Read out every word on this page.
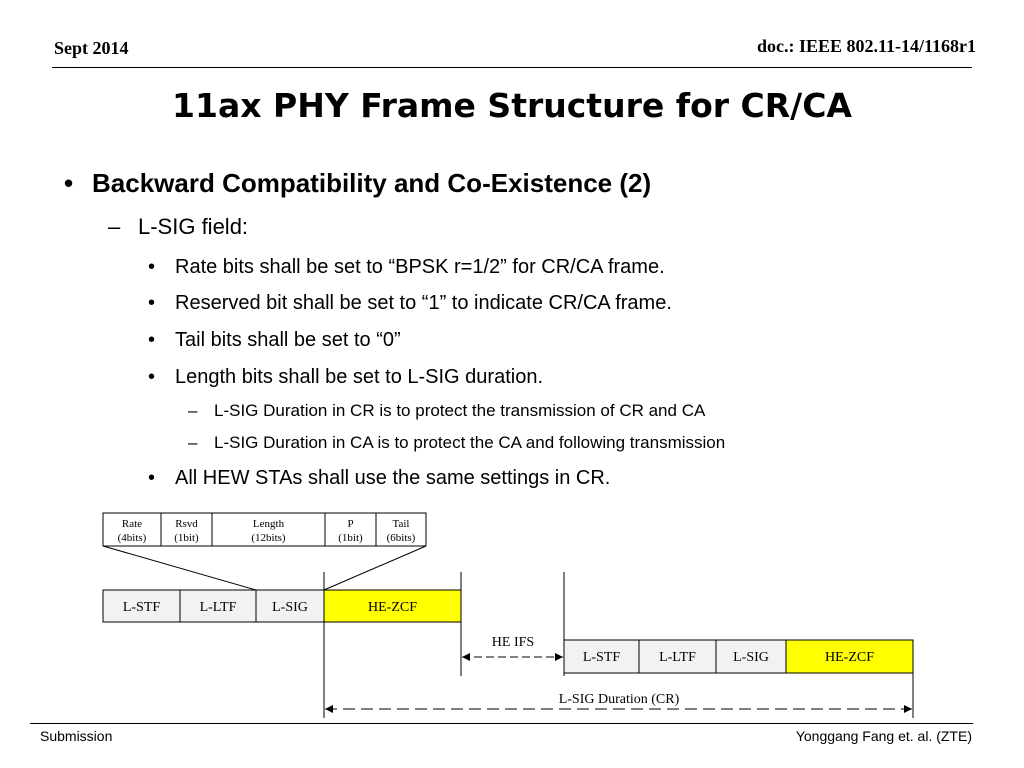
Sept 2014	doc.: IEEE 802.11-14/1168r1
11ax PHY Frame Structure for CR/CA
• Backward Compatibility and Co-Existence (2)
– L-SIG field:
• Rate bits shall be set to “BPSK r=1/2” for CR/CA frame.
• Reserved bit shall be set to “1” to indicate CR/CA frame.
• Tail bits shall be set to “0”
• Length bits shall be set to L-SIG duration.
– L-SIG Duration in CR is to protect the transmission of CR and CA
– L-SIG Duration in CA is to protect the CA and following transmission
• All HEW STAs shall use the same settings in CR.
Rate
(4bits)
Rsvd
(1bit)
Length
(12bits)
P
(1bit)
Tail
(6bits)
L-STF	L-LTF	L-SIG	HE-ZCF
HE IFS
L-STF	L-LTF	L-SIG	HE-ZCF
L-SIG Duration (CR)
Submission	Yonggang Fang et. al. (ZTE)
